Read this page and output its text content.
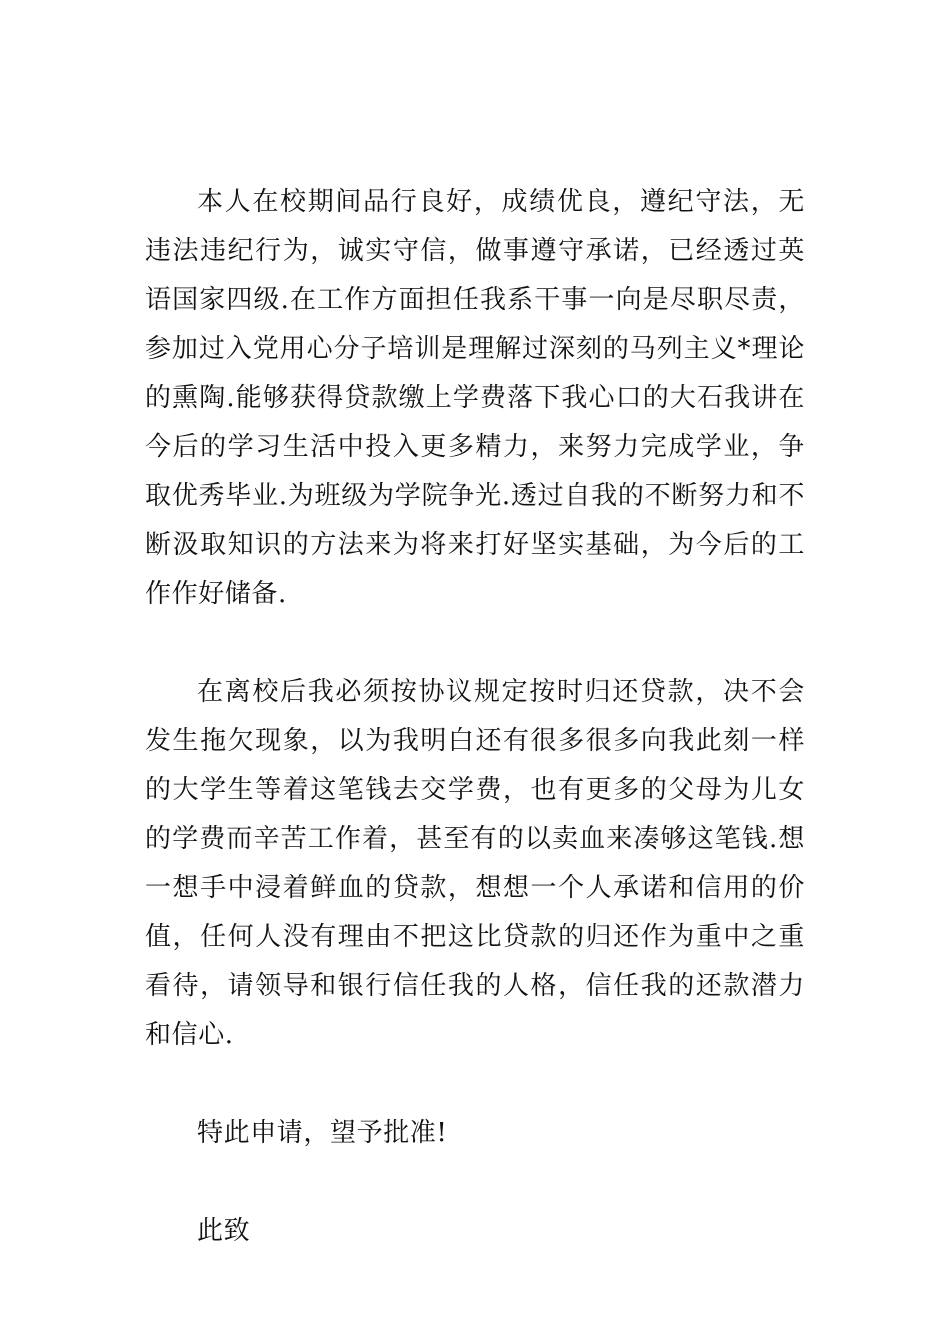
本人在校期间品行良好，成绩优良，遵纪守法，无违法违纪行为，诚实守信，做事遵守承诺，已经透过英语国家四级.在工作方面担任我系干事一向是尽职尽责，参加过入党用心分子培训是理解过深刻的马列主义*理论的熏陶.能够获得贷款缴上学费落下我心口的大石我讲在今后的学习生活中投入更多精力，来努力完成学业，争取优秀毕业.为班级为学院争光.透过自我的不断努力和不断汲取知识的方法来为将来打好坚实基础，为今后的工作作好储备.

在离校后我必须按协议规定按时归还贷款，决不会发生拖欠现象，以为我明白还有很多很多向我此刻一样的大学生等着这笔钱去交学费，也有更多的父母为儿女的学费而辛苦工作着，甚至有的以卖血来凑够这笔钱.想一想手中浸着鲜血的贷款，想想一个人承诺和信用的价值，任何人没有理由不把这比贷款的归还作为重中之重看待，请领导和银行信任我的人格，信任我的还款潜力和信心.

特此申请，望予批准!

此致
